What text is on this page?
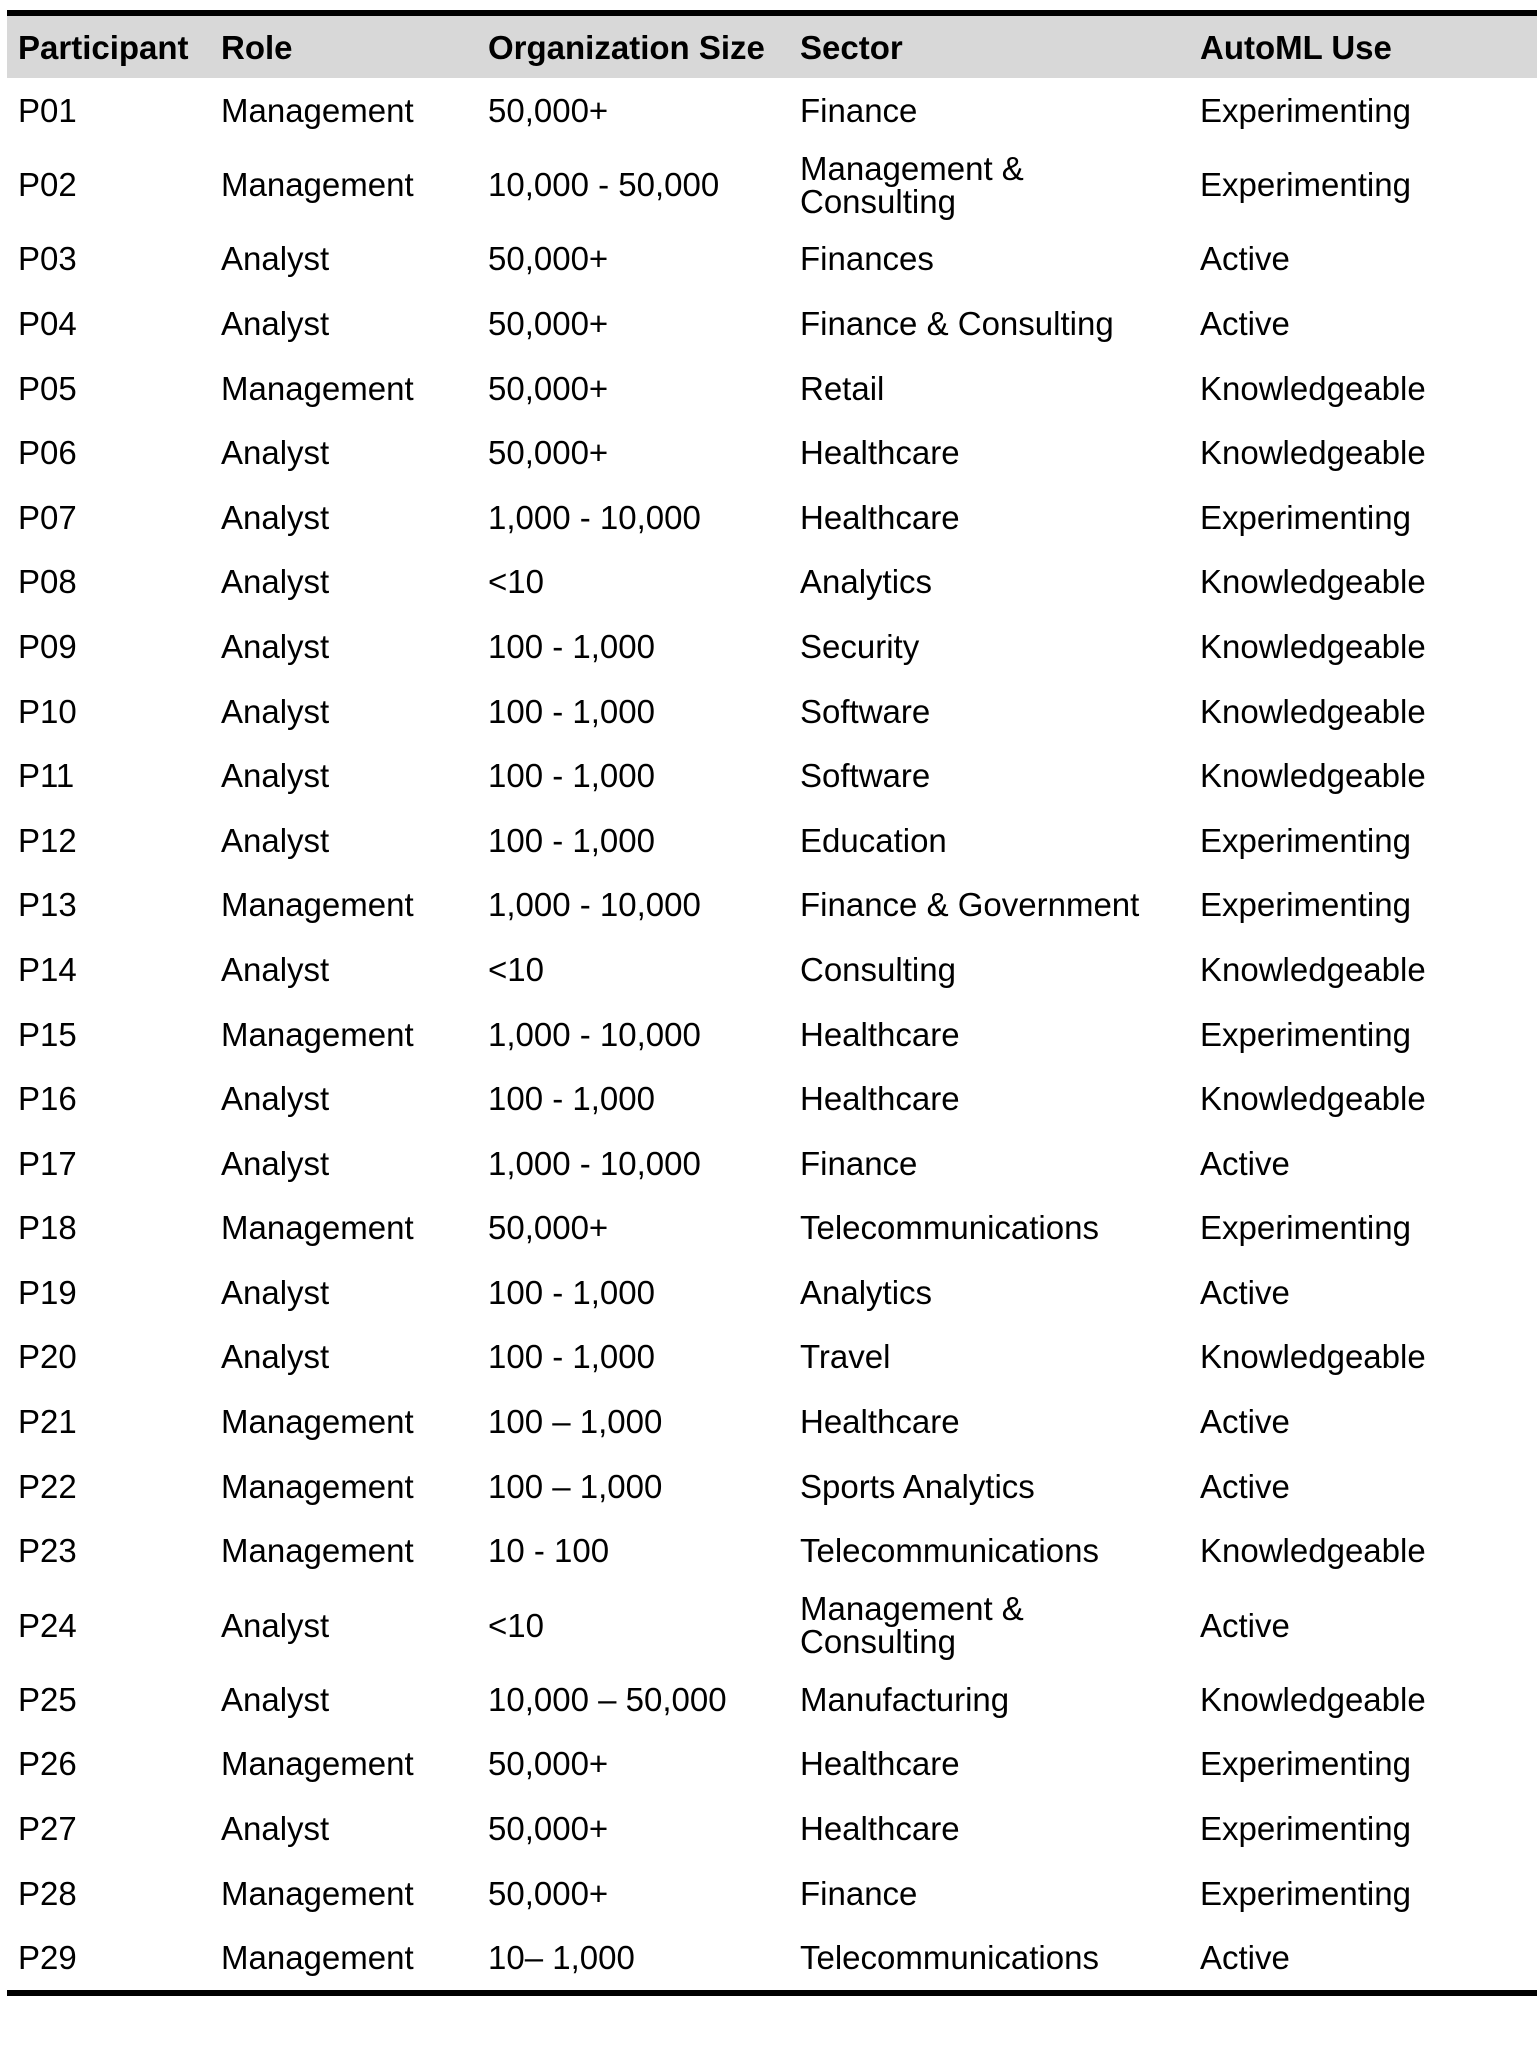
Participant	Role	Organization Size	Sector	AutoML Use
P01	Management	50,000+	Finance	Experimenting
P02	Management	10,000 - 50,000	Management & Consulting	Experimenting
P03	Analyst	50,000+	Finances	Active
P04	Analyst	50,000+	Finance & Consulting	Active
P05	Management	50,000+	Retail	Knowledgeable
P06	Analyst	50,000+	Healthcare	Knowledgeable
P07	Analyst	1,000 - 10,000	Healthcare	Experimenting
P08	Analyst	<10	Analytics	Knowledgeable
P09	Analyst	100 - 1,000	Security	Knowledgeable
P10	Analyst	100 - 1,000	Software	Knowledgeable
P11	Analyst	100 - 1,000	Software	Knowledgeable
P12	Analyst	100 - 1,000	Education	Experimenting
P13	Management	1,000 - 10,000	Finance & Government	Experimenting
P14	Analyst	<10	Consulting	Knowledgeable
P15	Management	1,000 - 10,000	Healthcare	Experimenting
P16	Analyst	100 - 1,000	Healthcare	Knowledgeable
P17	Analyst	1,000 - 10,000	Finance	Active
P18	Management	50,000+	Telecommunications	Experimenting
P19	Analyst	100 - 1,000	Analytics	Active
P20	Analyst	100 - 1,000	Travel	Knowledgeable
P21	Management	100 – 1,000	Healthcare	Active
P22	Management	100 – 1,000	Sports Analytics	Active
P23	Management	10 - 100	Telecommunications	Knowledgeable
P24	Analyst	<10	Management & Consulting	Active
P25	Analyst	10,000 – 50,000	Manufacturing	Knowledgeable
P26	Management	50,000+	Healthcare	Experimenting
P27	Analyst	50,000+	Healthcare	Experimenting
P28	Management	50,000+	Finance	Experimenting
P29	Management	10– 1,000	Telecommunications	Active
